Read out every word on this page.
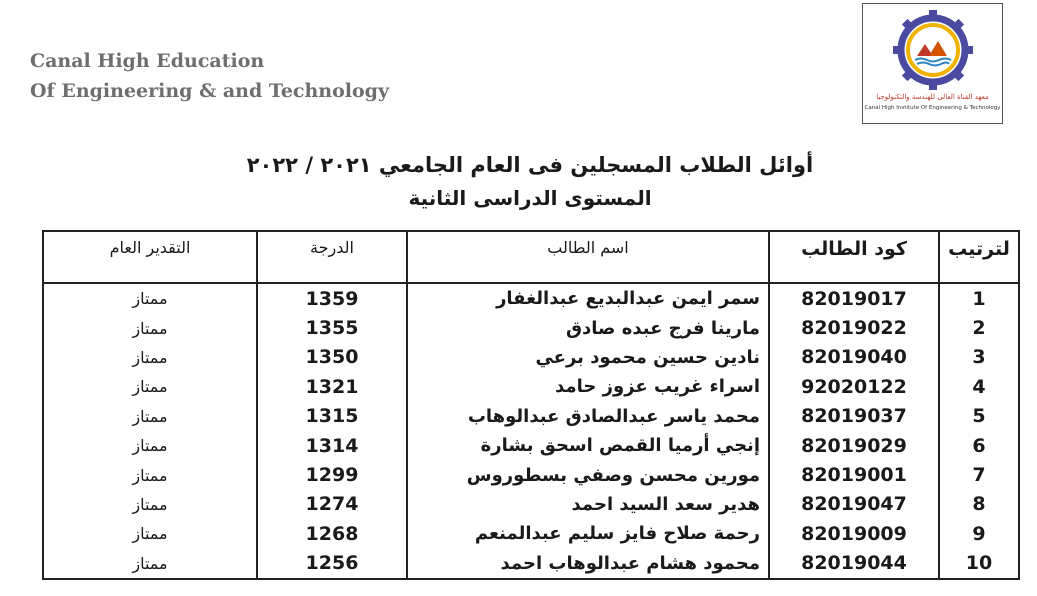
Canal High Education
Of Engineering & and Technology	معهد القناة العالى للهندسة والتكنولوجيا
Canal High Institute Of Engineering & Technology
أوائل الطلاب المسجلين فى العام الجامعي ٢٠٢١ / ٢٠٢٢
المستوى الدراسى الثانية
لترتيب	كود الطالب	اسم الطالب	الدرجة	التقدير العام
1	82019017	سمر ايمن عبدالبديع عبدالغفار	1359	ممتاز
2	82019022	مارينا فرج عبده صادق	1355	ممتاز
3	82019040	نادين حسين محمود برعي	1350	ممتاز
4	92020122	اسراء غريب عزوز حامد	1321	ممتاز
5	82019037	محمد ياسر عبدالصادق عبدالوهاب	1315	ممتاز
6	82019029	إنجي أرميا القمص اسحق بشارة	1314	ممتاز
7	82019001	مورين محسن وصفي بسطوروس	1299	ممتاز
8	82019047	هدير سعد السيد احمد	1274	ممتاز
9	82019009	رحمة صلاح فايز سليم عبدالمنعم	1268	ممتاز
10	82019044	محمود هشام عبدالوهاب احمد	1256	ممتاز
